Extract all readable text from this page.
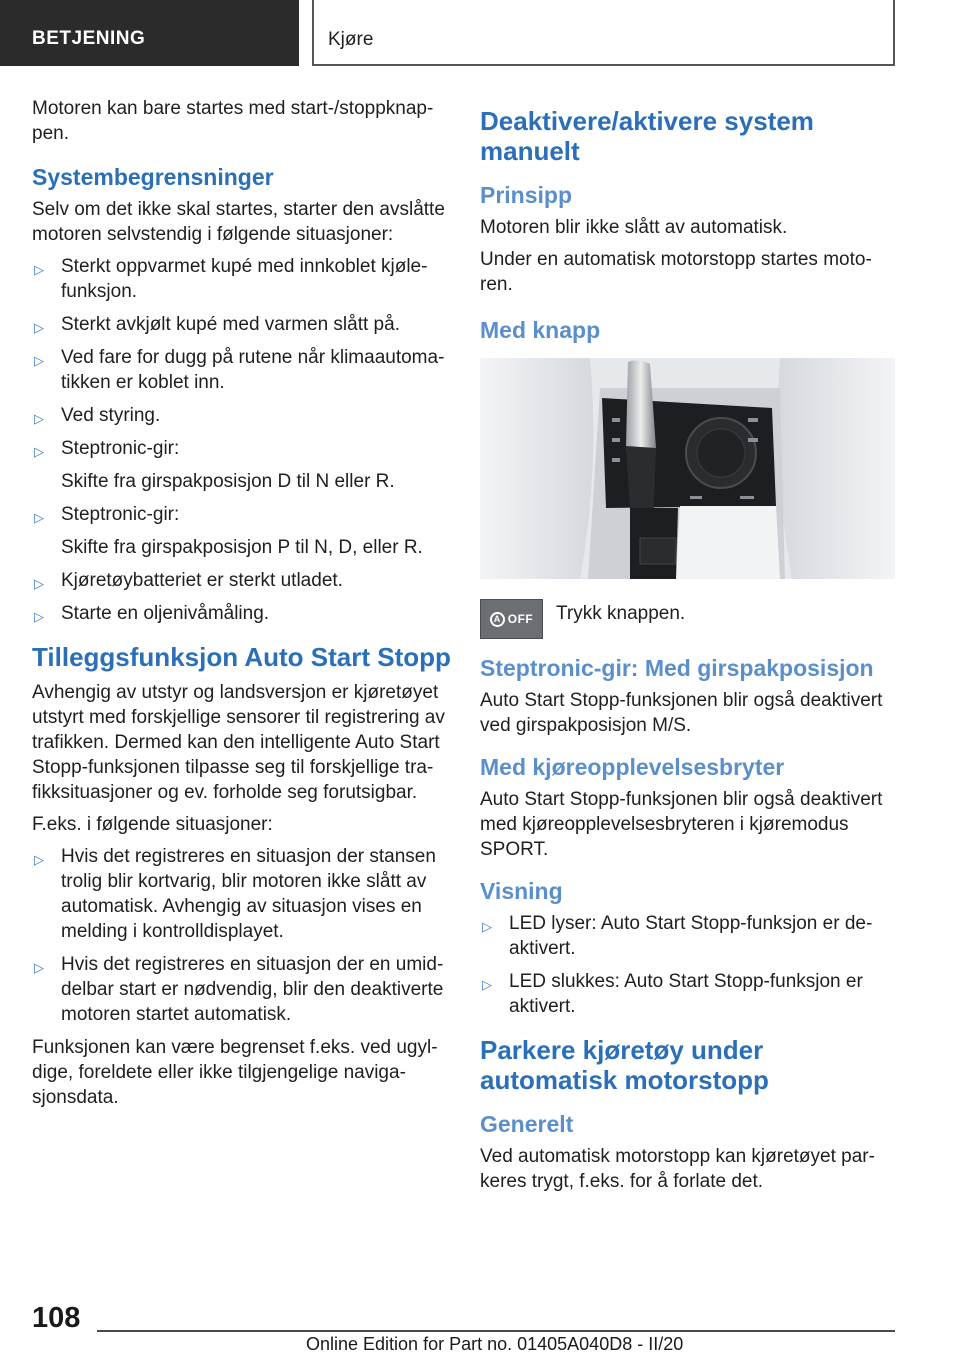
BETJENING	Kjøre

Motoren kan bare startes med start-/stoppknap-pen.

Systembegrensninger

Selv om det ikke skal startes, starter den avslåtte motoren selvstendig i følgende situasjoner:

▷ Sterkt oppvarmet kupé med innkoblet kjøle-funksjon.
▷ Sterkt avkjølt kupé med varmen slått på.
▷ Ved fare for dugg på rutene når klimaautoma-tikken er koblet inn.
▷ Ved styring.
▷ Steptronic-gir:
Skifte fra girspakposisjon D til N eller R.
▷ Steptronic-gir:
Skifte fra girspakposisjon P til N, D, eller R.
▷ Kjøretøybatteriet er sterkt utladet.
▷ Starte en oljenivåmåling.
Tilleggsfunksjon Auto Start Stopp

Avhengig av utstyr og landsversjon er kjøretøyet utstyrt med forskjellige sensorer til registrering av trafikken. Dermed kan den intelligente Auto Start Stopp-funksjonen tilpasse seg til forskjellige tra-fikksituasjoner og ev. forholde seg forutsigbar.

F.eks. i følgende situasjoner:

▷ Hvis det registreres en situasjon der stansen trolig blir kortvarig, blir motoren ikke slått av automatisk. Avhengig av situasjon vises en melding i kontrolldisplayet.
▷ Hvis det registreres en situasjon der en umid-delbar start er nødvendig, blir den deaktiverte motoren startet automatisk.

Funksjonen kan være begrenset f.eks. ved ugyl-dige, foreldete eller ikke tilgjengelige naviga-sjonsdata.

Deaktivere/aktivere system manuelt
Prinsipp

Motoren blir ikke slått av automatisk.

Under en automatisk motorstopp startes moto-ren.

Med knapp
A OFF Trykk knappen.

Steptronic-gir: Med girspakposisjon

Auto Start Stopp-funksjonen blir også deaktivert ved girspakposisjon M/S.

Med kjøreopplevelsesbryter

Auto Start Stopp-funksjonen blir også deaktivert med kjøreopplevelsesbryteren i kjøremodus SPORT.

Visning
▷ LED lyser: Auto Start Stopp-funksjon er de-aktivert.
▷ LED slukkes: Auto Start Stopp-funksjon er aktivert.
Parkere kjøretøy under automatisk motorstopp
Generelt

Ved automatisk motorstopp kan kjøretøyet par-keres trygt, f.eks. for å forlate det.

108
Online Edition for Part no. 01405A040D8 - II/20
